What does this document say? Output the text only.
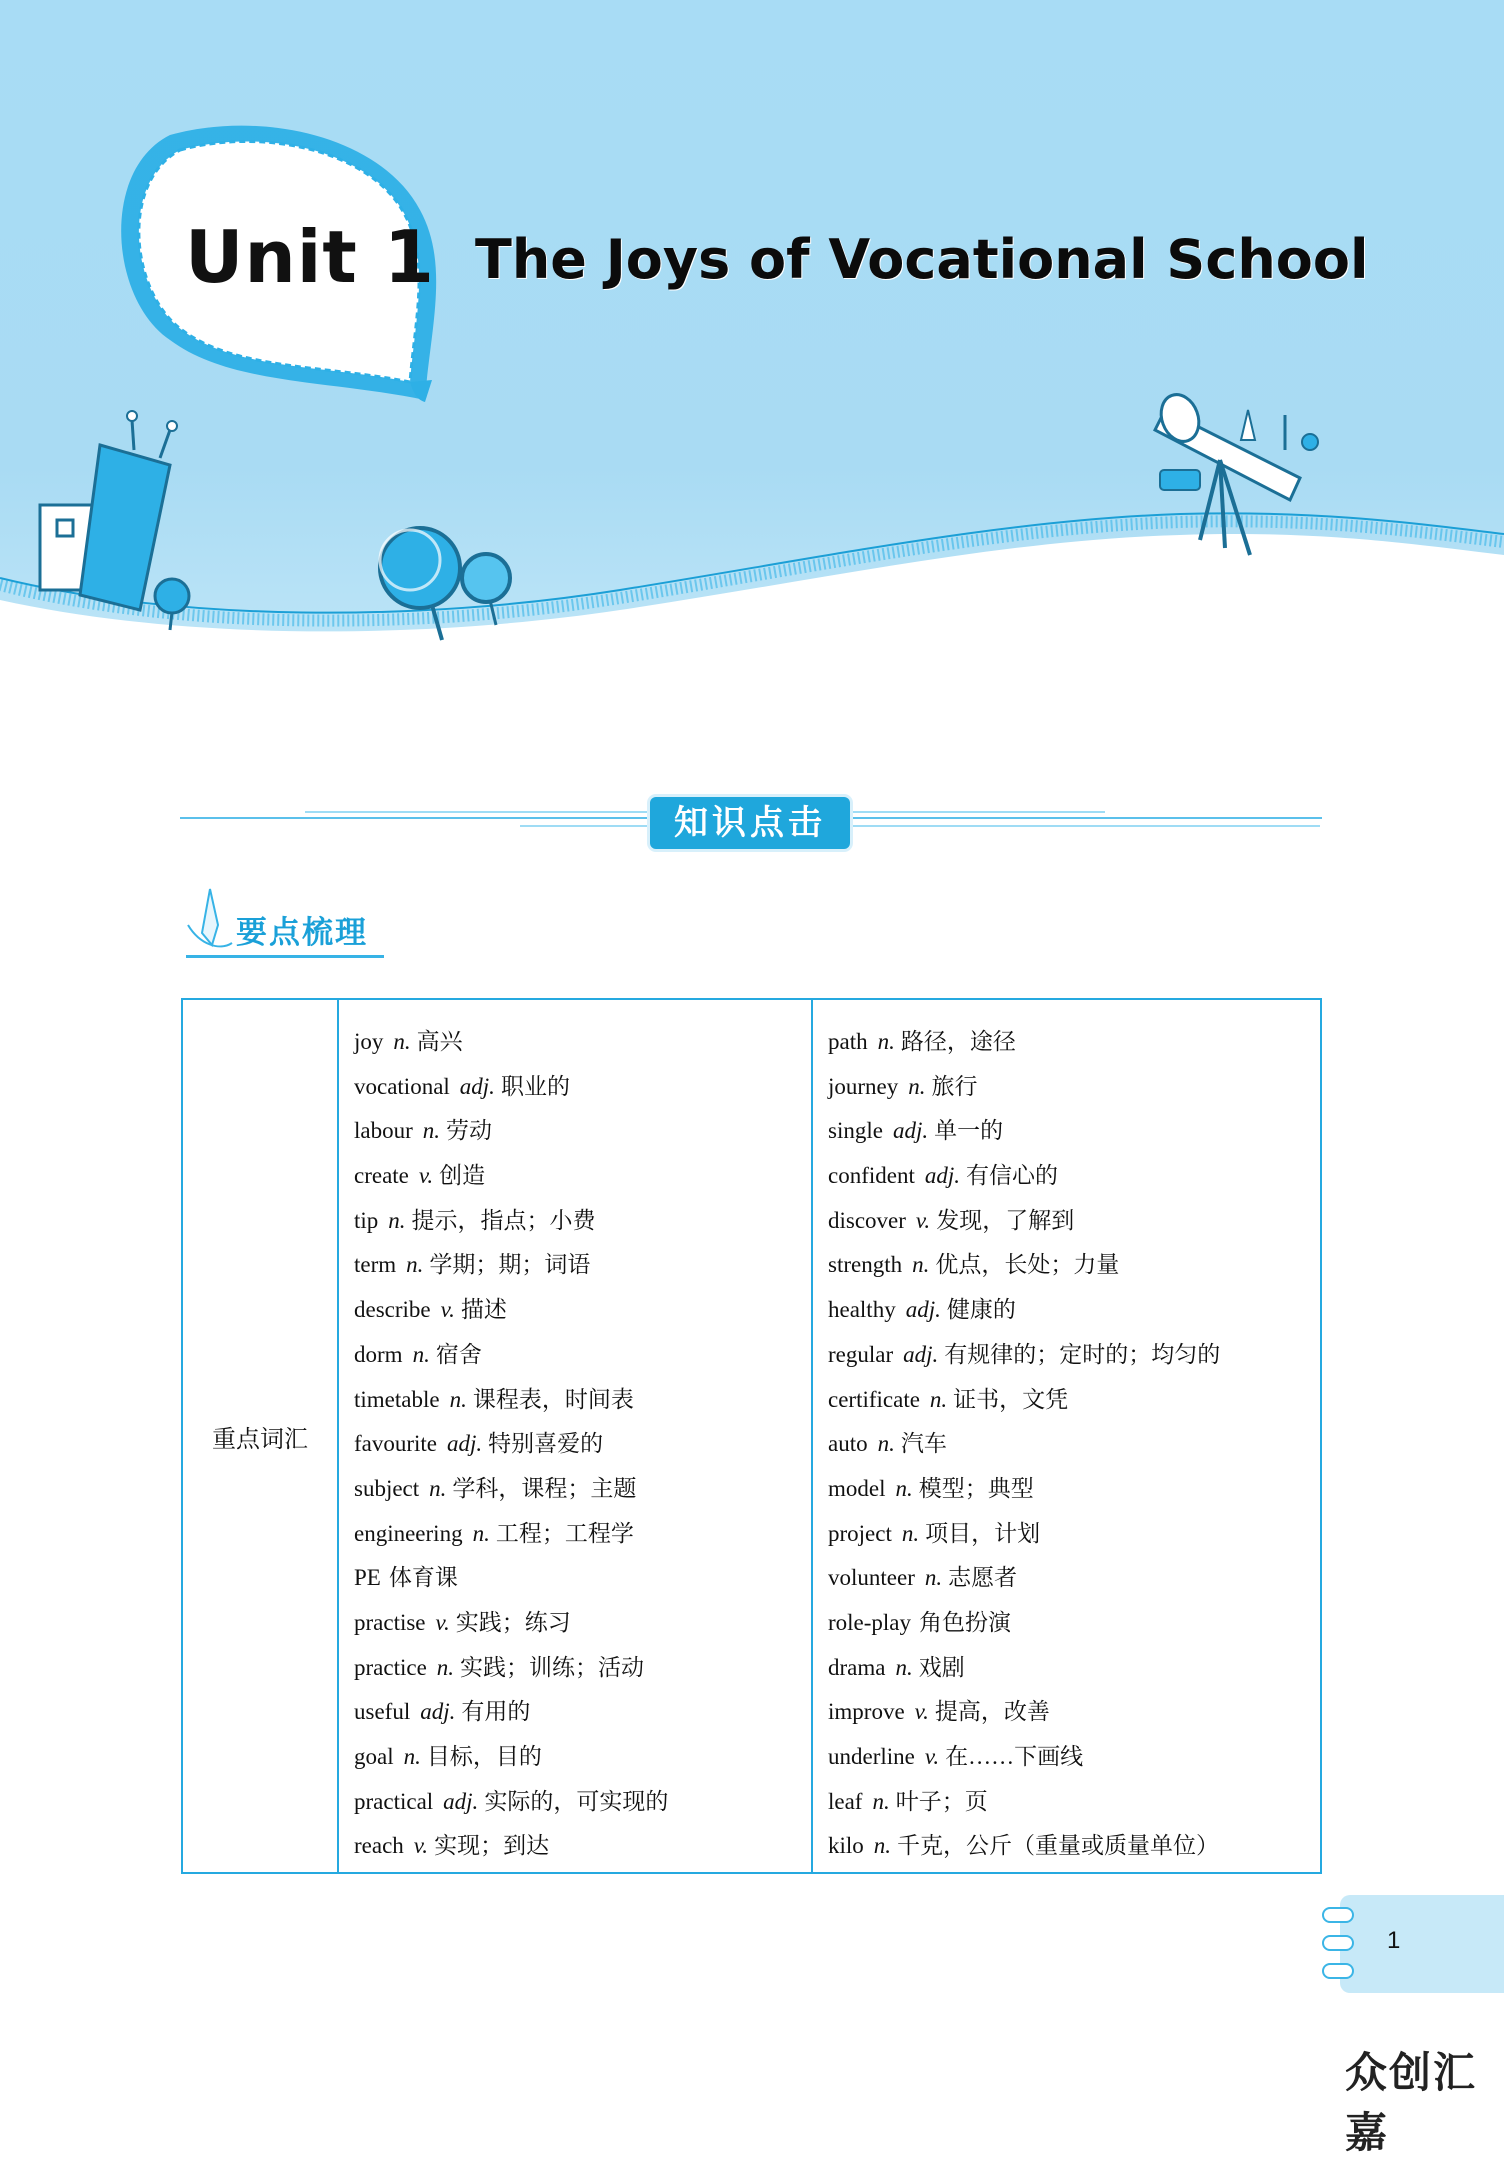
Unit 1 The Joys of Vocational School
知识点击
要点梳理
重点词汇
joy n. 高兴
vocational adj. 职业的
labour n. 劳动
create v. 创造
tip n. 提示，指点；小费
term n. 学期；期；词语
describe v. 描述
dorm n. 宿舍
timetable n. 课程表，时间表
favourite adj. 特别喜爱的
subject n. 学科，课程；主题
engineering n. 工程；工程学
PE 体育课
practise v. 实践；练习
practice n. 实践；训练；活动
useful adj. 有用的
goal n. 目标，目的
practical adj. 实际的，可实现的
reach v. 实现；到达
path n. 路径，途径
journey n. 旅行
single adj. 单一的
confident adj. 有信心的
discover v. 发现，了解到
strength n. 优点，长处；力量
healthy adj. 健康的
regular adj. 有规律的；定时的；均匀的
certificate n. 证书，文凭
auto n. 汽车
model n. 模型；典型
project n. 项目，计划
volunteer n. 志愿者
role-play 角色扮演
drama n. 戏剧
improve v. 提高，改善
underline v. 在……下画线
leaf n. 叶子；页
kilo n. 千克，公斤（重量或质量单位）
1
众创汇嘉
